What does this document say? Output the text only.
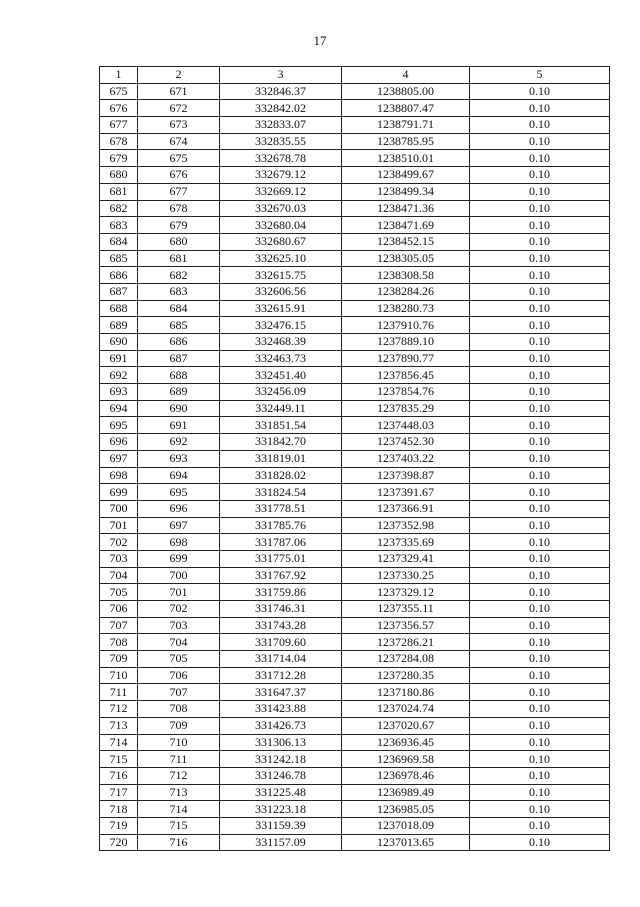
17
1	2	3	4	5
675	671	332846.37	1238805.00	0.10
676	672	332842.02	1238807.47	0.10
677	673	332833.07	1238791.71	0.10
678	674	332835.55	1238785.95	0.10
679	675	332678.78	1238510.01	0.10
680	676	332679.12	1238499.67	0.10
681	677	332669.12	1238499.34	0.10
682	678	332670.03	1238471.36	0.10
683	679	332680.04	1238471.69	0.10
684	680	332680.67	1238452.15	0.10
685	681	332625.10	1238305.05	0.10
686	682	332615.75	1238308.58	0.10
687	683	332606.56	1238284.26	0.10
688	684	332615.91	1238280.73	0.10
689	685	332476.15	1237910.76	0.10
690	686	332468.39	1237889.10	0.10
691	687	332463.73	1237890.77	0.10
692	688	332451.40	1237856.45	0.10
693	689	332456.09	1237854.76	0.10
694	690	332449.11	1237835.29	0.10
695	691	331851.54	1237448.03	0.10
696	692	331842.70	1237452.30	0.10
697	693	331819.01	1237403.22	0.10
698	694	331828.02	1237398.87	0.10
699	695	331824.54	1237391.67	0.10
700	696	331778.51	1237366.91	0.10
701	697	331785.76	1237352.98	0.10
702	698	331787.06	1237335.69	0.10
703	699	331775.01	1237329.41	0.10
704	700	331767.92	1237330.25	0.10
705	701	331759.86	1237329.12	0.10
706	702	331746.31	1237355.11	0.10
707	703	331743.28	1237356.57	0.10
708	704	331709.60	1237286.21	0.10
709	705	331714.04	1237284.08	0.10
710	706	331712.28	1237280.35	0.10
711	707	331647.37	1237180.86	0.10
712	708	331423.88	1237024.74	0.10
713	709	331426.73	1237020.67	0.10
714	710	331306.13	1236936.45	0.10
715	711	331242.18	1236969.58	0.10
716	712	331246.78	1236978.46	0.10
717	713	331225.48	1236989.49	0.10
718	714	331223.18	1236985.05	0.10
719	715	331159.39	1237018.09	0.10
720	716	331157.09	1237013.65	0.10
